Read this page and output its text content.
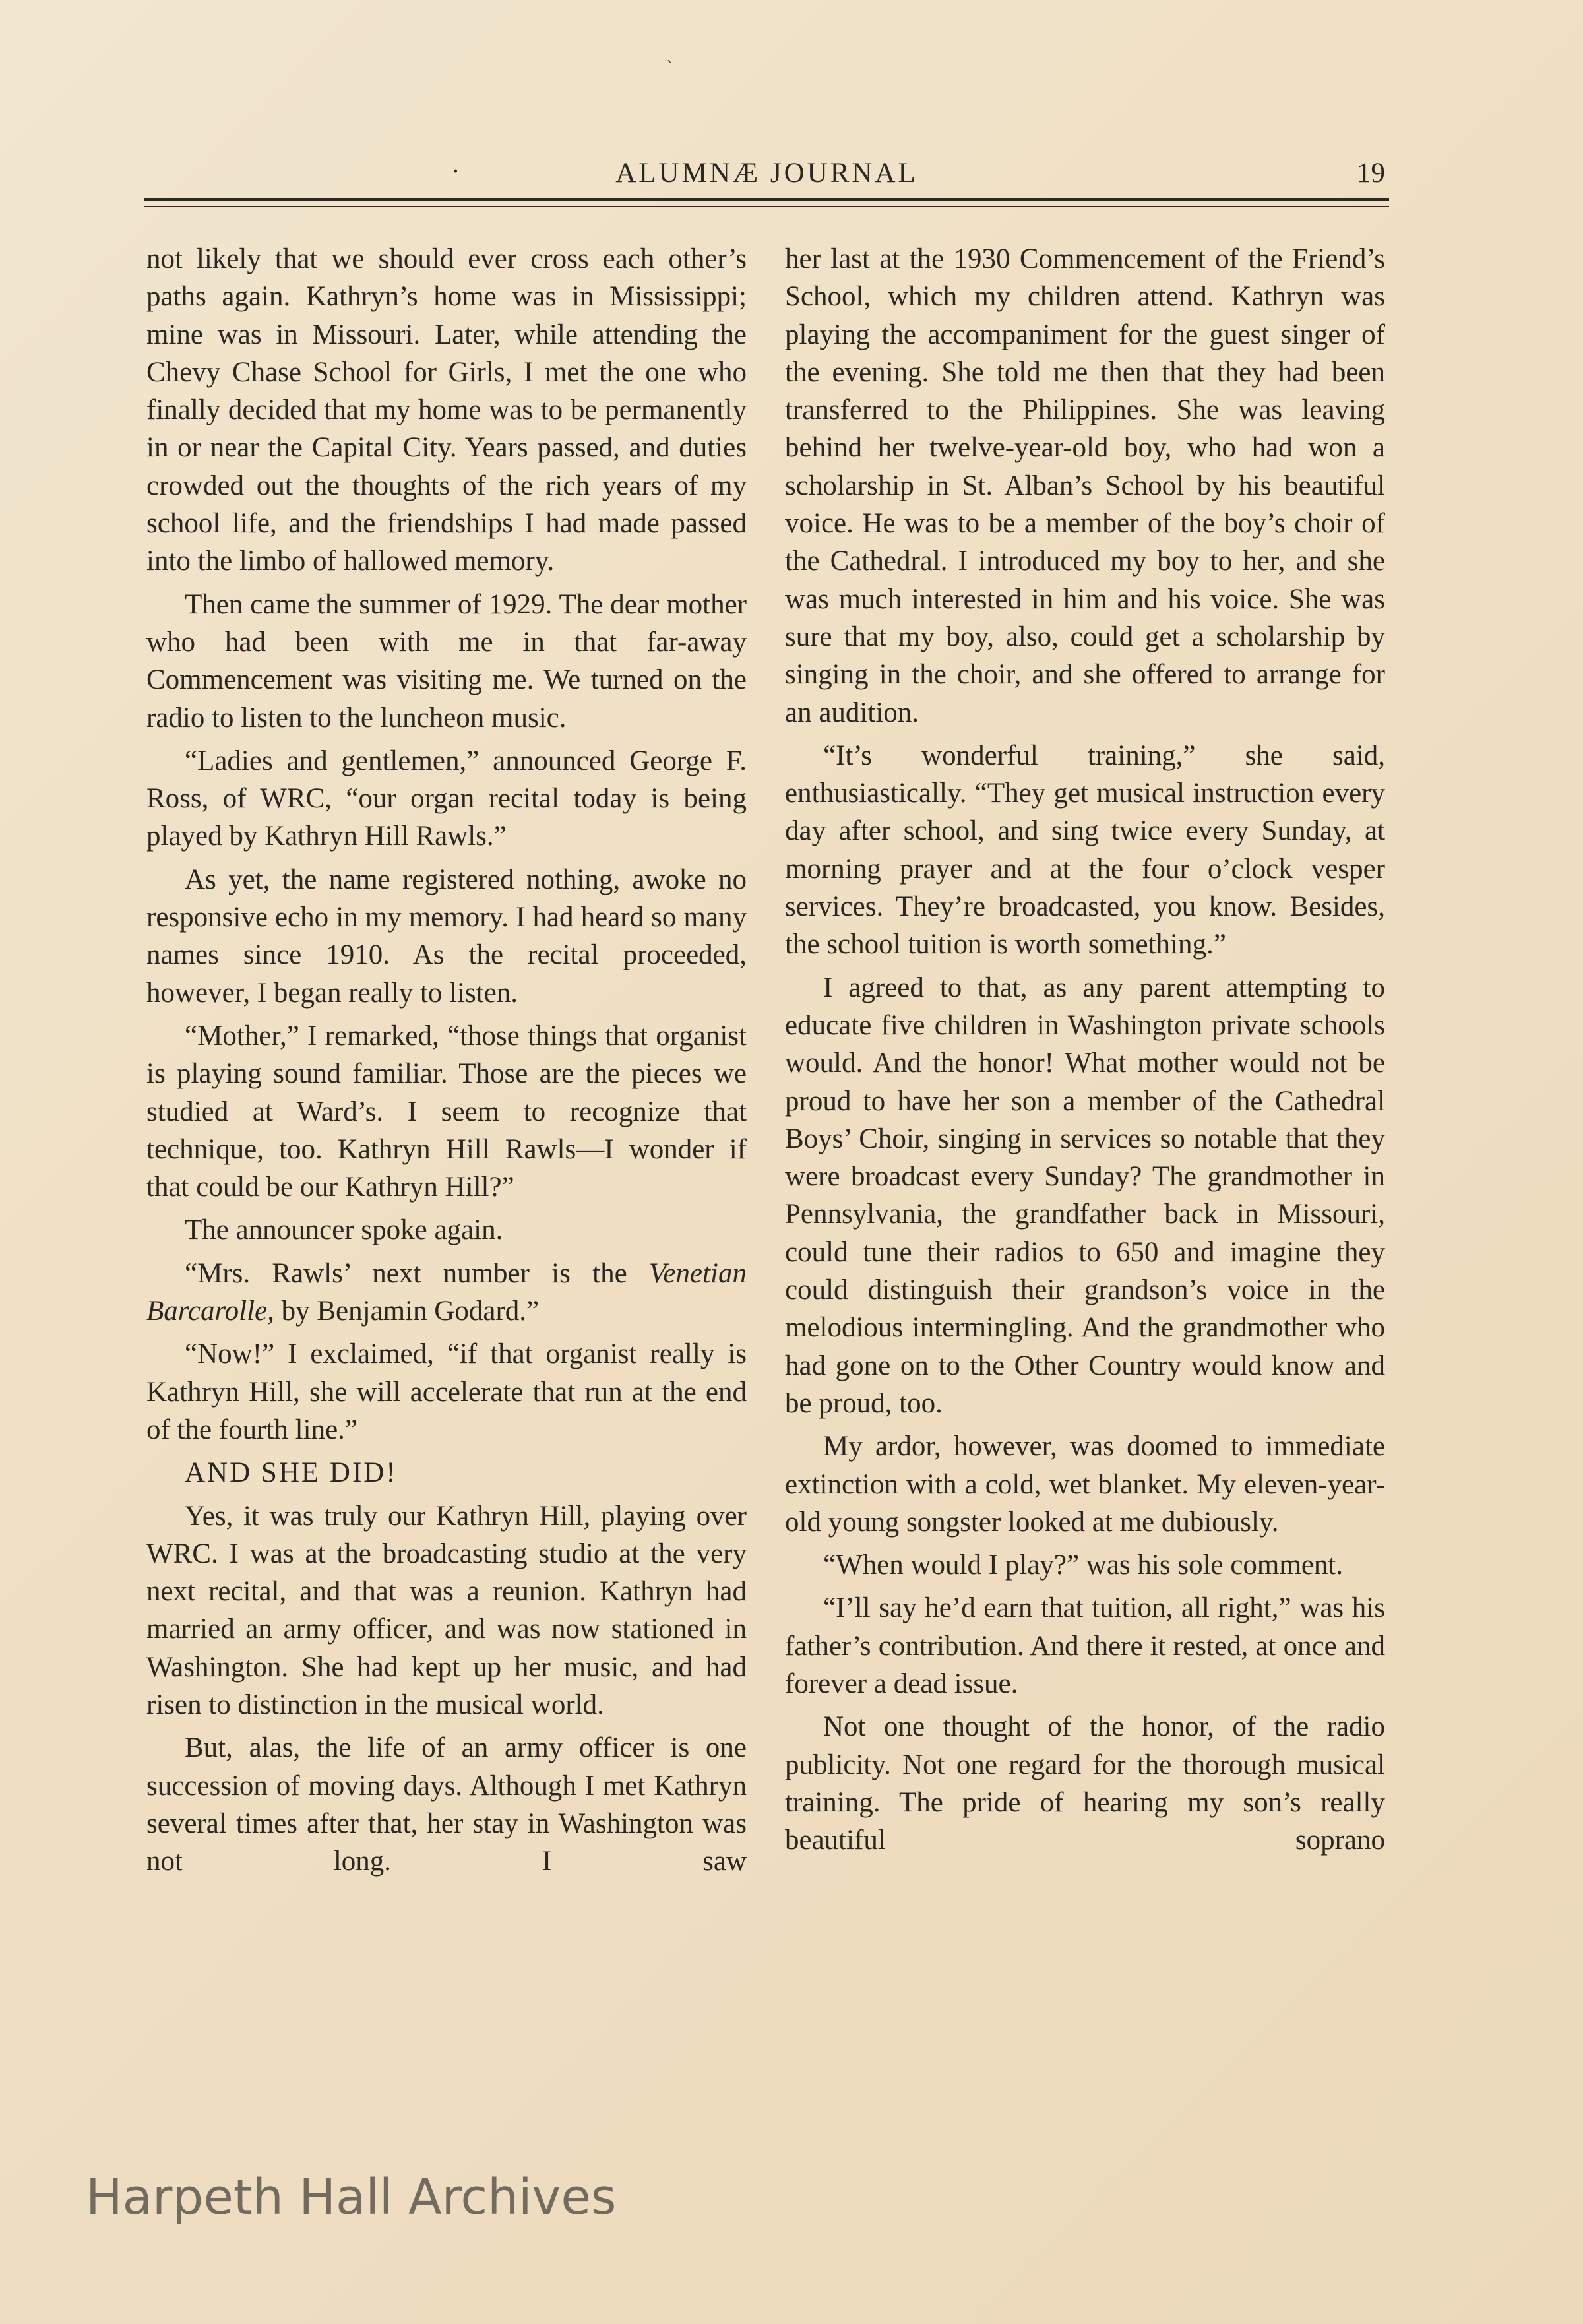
`
·	ALUMNÆ JOURNAL	19

not likely that we should ever cross each other’s paths again. Kathryn’s home was in Mississippi; mine was in Missouri. Later, while attending the Chevy Chase School for Girls, I met the one who finally decided that my home was to be permanently in or near the Capital City. Years passed, and duties crowded out the thoughts of the rich years of my school life, and the friendships I had made passed into the limbo of hallowed memory.

Then came the summer of 1929. The dear mother who had been with me in that far-away Commencement was visiting me. We turned on the radio to listen to the luncheon music.

“Ladies and gentlemen,” announced George F. Ross, of WRC, “our organ recital today is being played by Kathryn Hill Rawls.”

As yet, the name registered nothing, awoke no responsive echo in my memory. I had heard so many names since 1910. As the recital proceeded, however, I began really to listen.

“Mother,” I remarked, “those things that organist is playing sound familiar. Those are the pieces we studied at Ward’s. I seem to recognize that technique, too. Kathryn Hill Rawls—I wonder if that could be our Kathryn Hill?”

The announcer spoke again.

“Mrs. Rawls’ next number is the Venetian Barcarolle, by Benjamin Godard.”

“Now!” I exclaimed, “if that organist really is Kathryn Hill, she will accelerate that run at the end of the fourth line.”

AND SHE DID!

Yes, it was truly our Kathryn Hill, playing over WRC. I was at the broadcasting studio at the very next recital, and that was a reunion. Kathryn had married an army officer, and was now stationed in Washington. She had kept up her music, and had risen to distinction in the musical world.

But, alas, the life of an army officer is one succession of moving days. Although I met Kathryn several times after that, her stay in Washington was not long. I saw

her last at the 1930 Commencement of the Friend’s School, which my children attend. Kathryn was playing the accompaniment for the guest singer of the evening. She told me then that they had been transferred to the Philippines. She was leaving behind her twelve-year-old boy, who had won a scholarship in St. Alban’s School by his beautiful voice. He was to be a member of the boy’s choir of the Cathedral. I introduced my boy to her, and she was much interested in him and his voice. She was sure that my boy, also, could get a scholarship by singing in the choir, and she offered to arrange for an audition.

“It’s wonderful training,” she said, enthusiastically. “They get musical instruction every day after school, and sing twice every Sunday, at morning prayer and at the four o’clock vesper services. They’re broadcasted, you know. Besides, the school tuition is worth something.”

I agreed to that, as any parent attempting to educate five children in Washington private schools would. And the honor! What mother would not be proud to have her son a member of the Cathedral Boys’ Choir, singing in services so notable that they were broadcast every Sunday? The grandmother in Pennsylvania, the grandfather back in Missouri, could tune their radios to 650 and imagine they could distinguish their grandson’s voice in the melodious intermingling. And the grandmother who had gone on to the Other Country would know and be proud, too.

My ardor, however, was doomed to immediate extinction with a cold, wet blanket. My eleven-year-old young songster looked at me dubiously.

“When would I play?” was his sole comment.

“I’ll say he’d earn that tuition, all right,” was his father’s contribution. And there it rested, at once and forever a dead issue.

Not one thought of the honor, of the radio publicity. Not one regard for the thorough musical training. The pride of hearing my son’s really beautiful soprano

Harpeth Hall Archives
